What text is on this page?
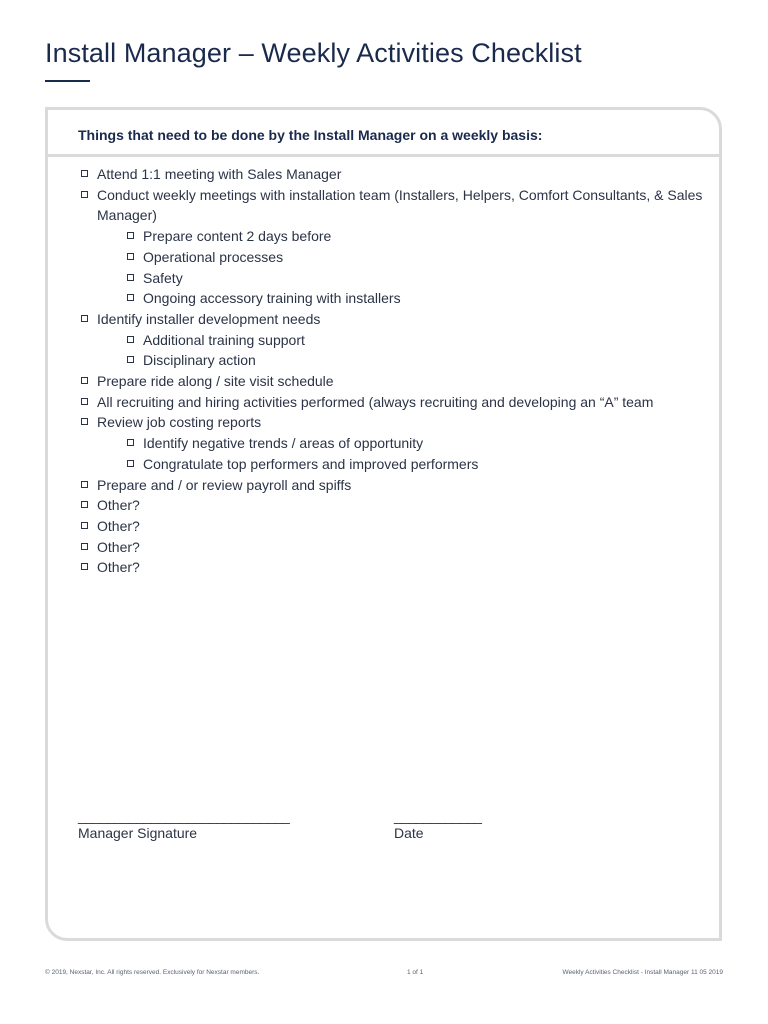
Install Manager – Weekly Activities Checklist
Things that need to be done by the Install Manager on a weekly basis:
Attend 1:1 meeting with Sales Manager
Conduct weekly meetings with installation team (Installers, Helpers, Comfort Consultants, & Sales Manager)
Prepare content 2 days before
Operational processes
Safety
Ongoing accessory training with installers
Identify installer development needs
Additional training support
Disciplinary action
Prepare ride along / site visit schedule
All recruiting and hiring activities performed (always recruiting and developing an “A” team
Review job costing reports
Identify negative trends / areas of opportunity
Congratulate top performers and improved performers
Prepare and / or review payroll and spiffs
Other?
Other?
Other?
Other?
_____________________________	____________
Manager Signature	Date
© 2019, Nexstar, Inc. All rights reserved. Exclusively for Nexstar members.	1 of 1	Weekly Activities Checklist - Install Manager 11 05 2019
